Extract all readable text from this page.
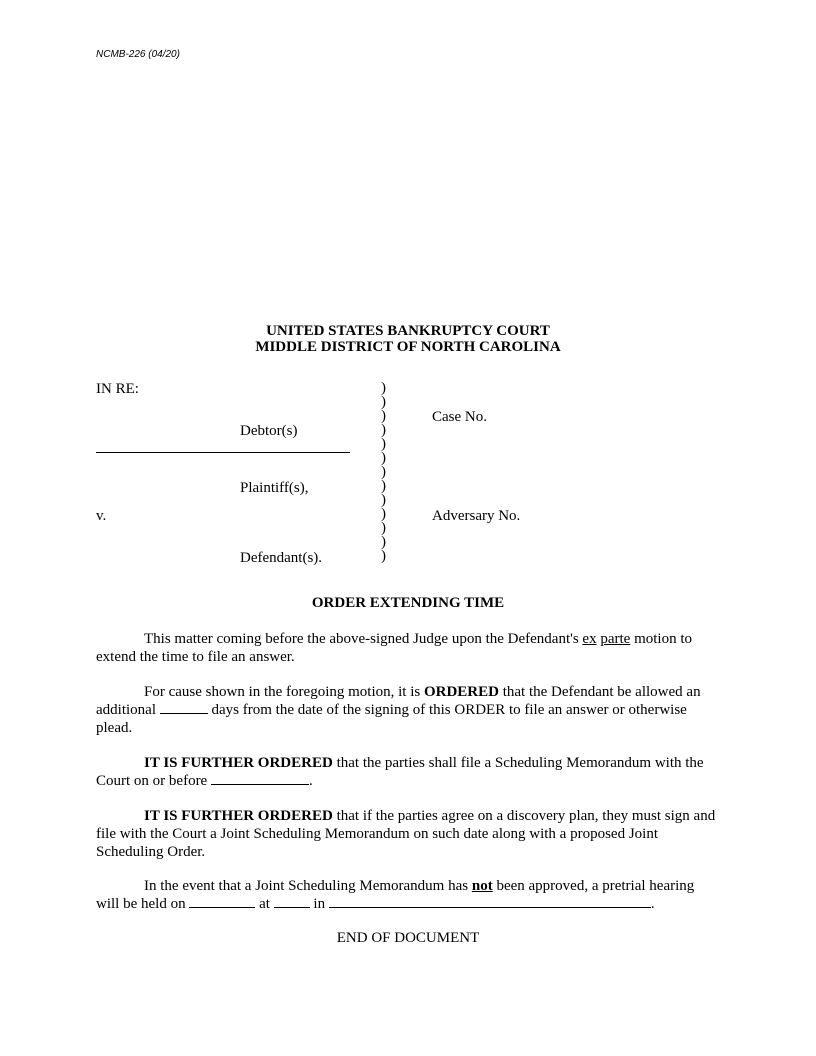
NCMB-226 (04/20)
UNITED STATES BANKRUPTCY COURT
MIDDLE DISTRICT OF NORTH CAROLINA
IN RE:
Debtor(s)
Plaintiff(s),
v.
Defendant(s).
)
)
)
)
)
)
)
)
)
)
)
)
)
Case No.
Adversary No.
ORDER EXTENDING TIME
This matter coming before the above-signed Judge upon the Defendant's ex parte motion to extend the time to file an answer.
For cause shown in the foregoing motion, it is ORDERED that the Defendant be allowed an additional	days from the date of the signing of this ORDER to file an answer or otherwise plead.
IT IS FURTHER ORDERED that the parties shall file a Scheduling Memorandum with the Court on or before	.
IT IS FURTHER ORDERED that if the parties agree on a discovery plan, they must sign and file with the Court a Joint Scheduling Memorandum on such date along with a proposed Joint Scheduling Order.
In the event that a Joint Scheduling Memorandum has not been approved, a pretrial hearing will be held on	at  in	.
END OF DOCUMENT
